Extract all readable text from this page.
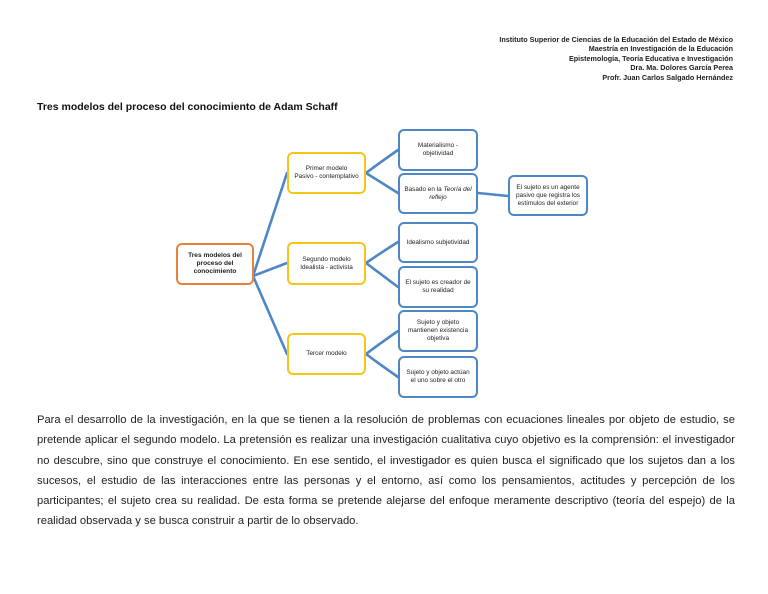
Instituto Superior de Ciencias de la Educación del Estado de México
Maestría en Investigación de la Educación
Epistemología, Teoría Educativa e Investigación
Dra. Ma. Dolores García Perea
Profr. Juan Carlos Salgado Hernández
Tres modelos del proceso del conocimiento de Adam Schaff
Tres modelos del proceso del conocimiento
Primer modelo
Pasivo - contemplativo
Segundo modelo
Idealista - activista
Tercer modelo
Materialismo - objetividad
Basado en la Teoría del reflejo
El sujeto es un agente pasivo que registra los estímulos del exterior
Idealismo subjetividad
El sujeto es creador de su realidad
Sujeto y objeto mantienen existencia objetiva
Sujeto y objeto actúan el uno sobre el otro

Para el desarrollo de la investigación, en la que se tienen a la resolución de problemas con ecuaciones lineales por objeto de estudio, se pretende aplicar el segundo modelo. La pretensión es realizar una investigación cualitativa cuyo objetivo es la comprensión: el investigador no descubre, sino que construye el conocimiento. En ese sentido, el investigador es quien busca el significado que los sujetos dan a los sucesos, el estudio de las interacciones entre las personas y el entorno, así como los pensamientos, actitudes y percepción de los participantes; el sujeto crea su realidad. De esta forma se pretende alejarse del enfoque meramente descriptivo (teoría del espejo) de la realidad observada y se busca construir a partir de lo observado.
